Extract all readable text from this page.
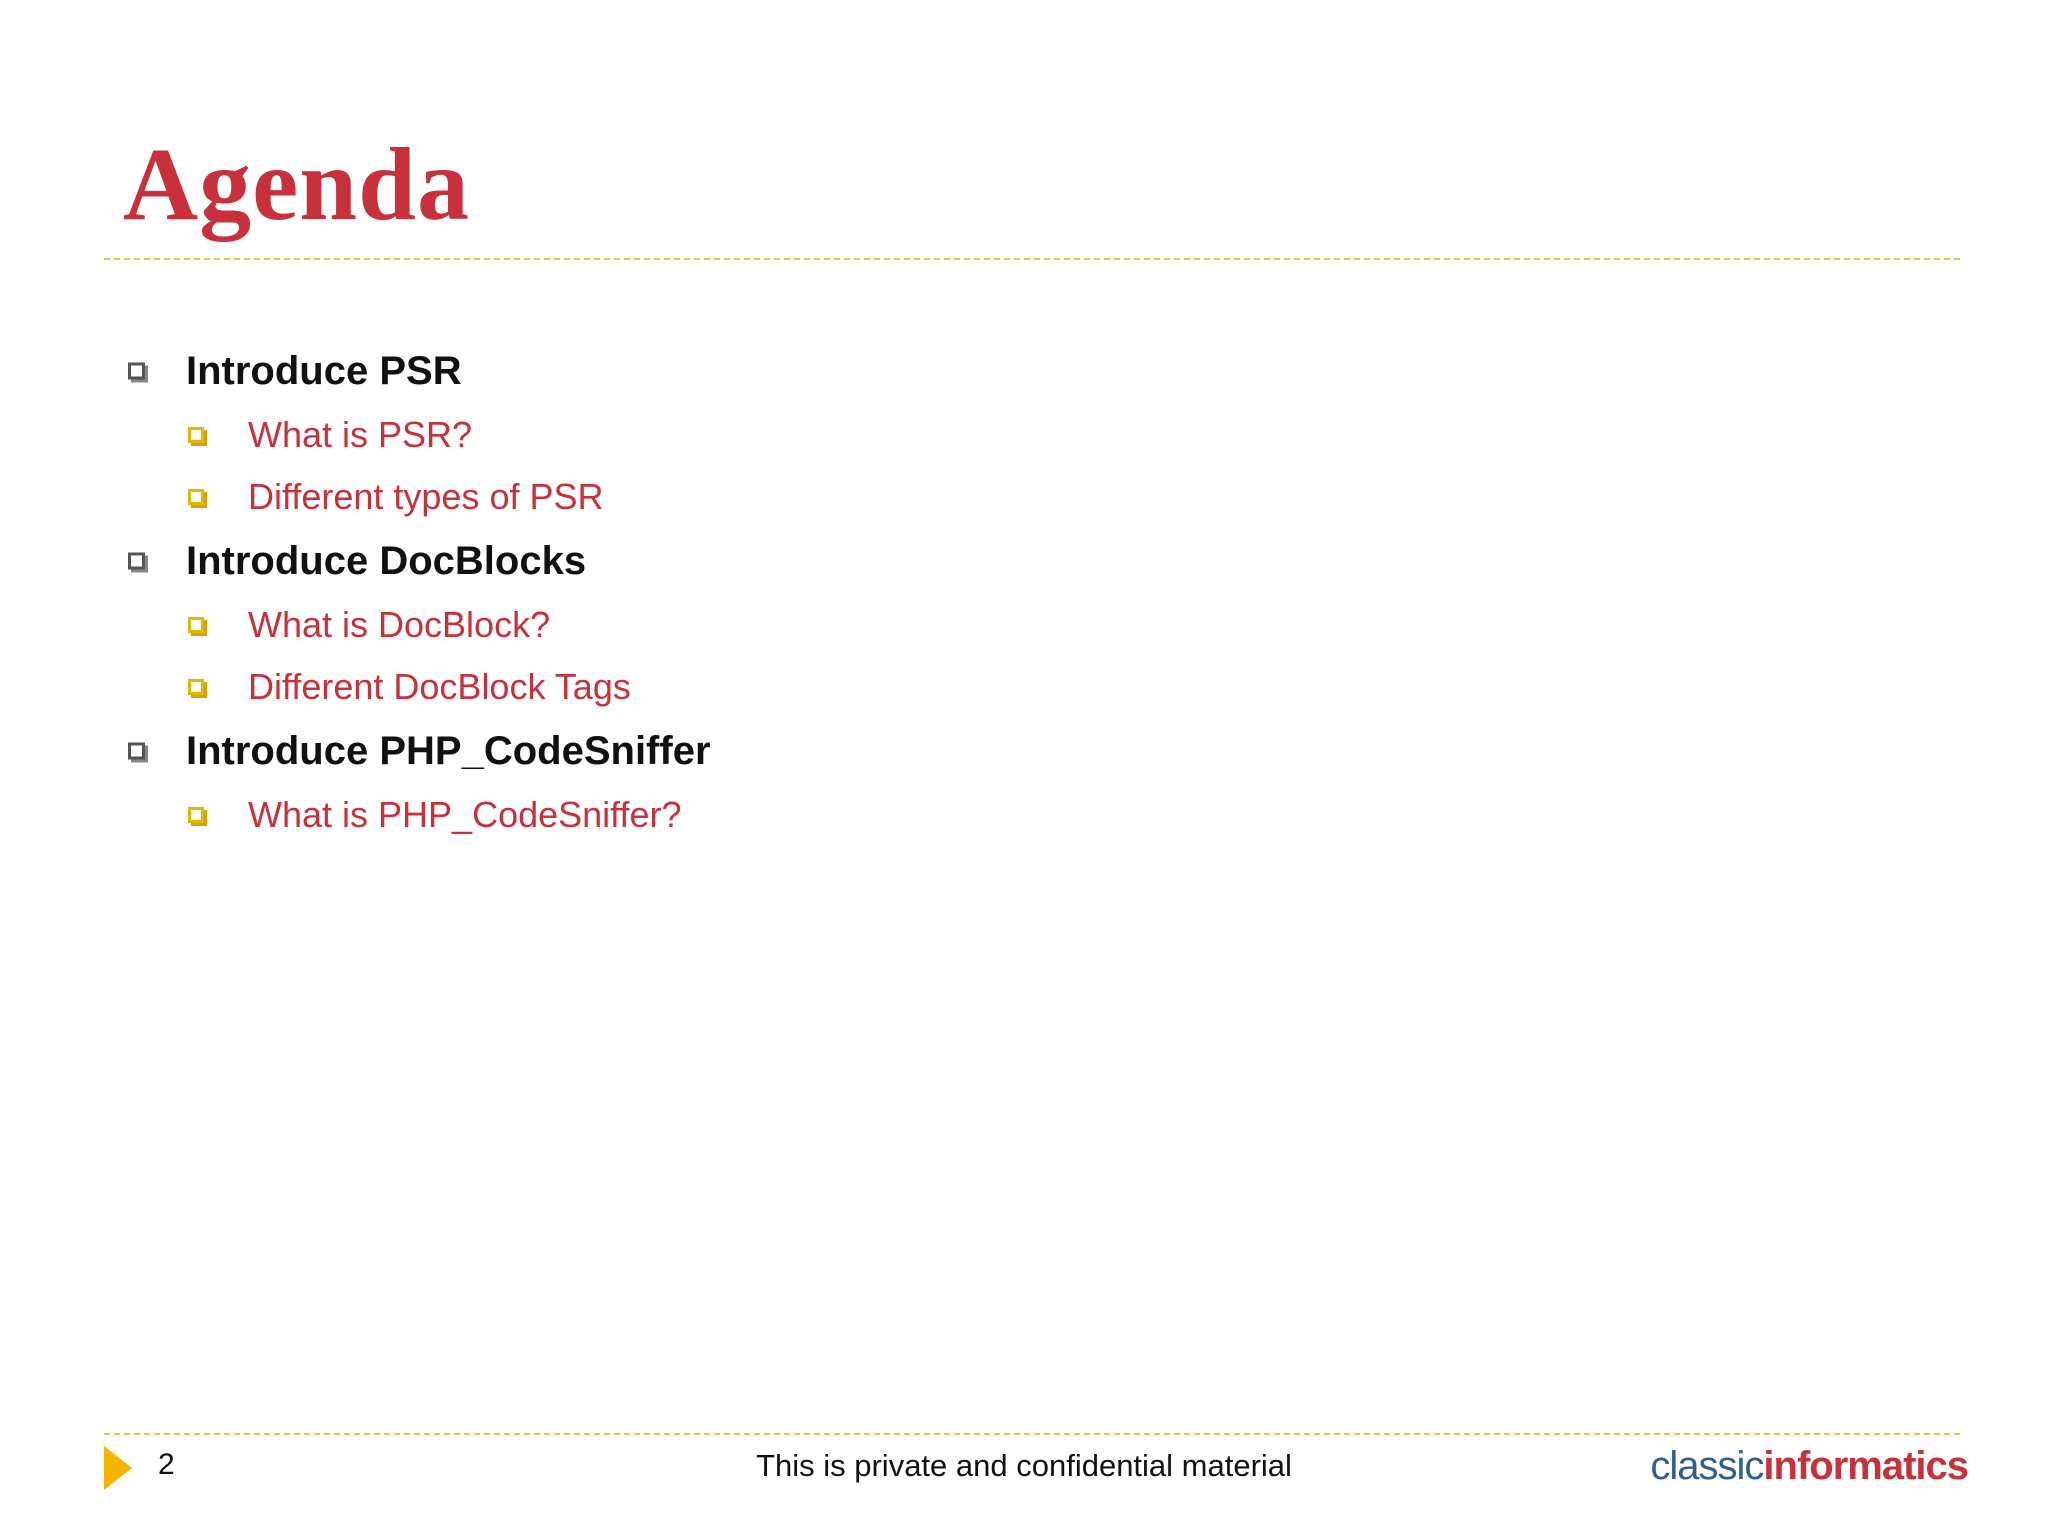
Agenda
Introduce PSR
What is PSR?
Different types of PSR
Introduce DocBlocks
What is DocBlock?
Different DocBlock Tags
Introduce PHP_CodeSniffer
What is PHP_CodeSniffer?
2	This is private and confidential material	classicinformatics
